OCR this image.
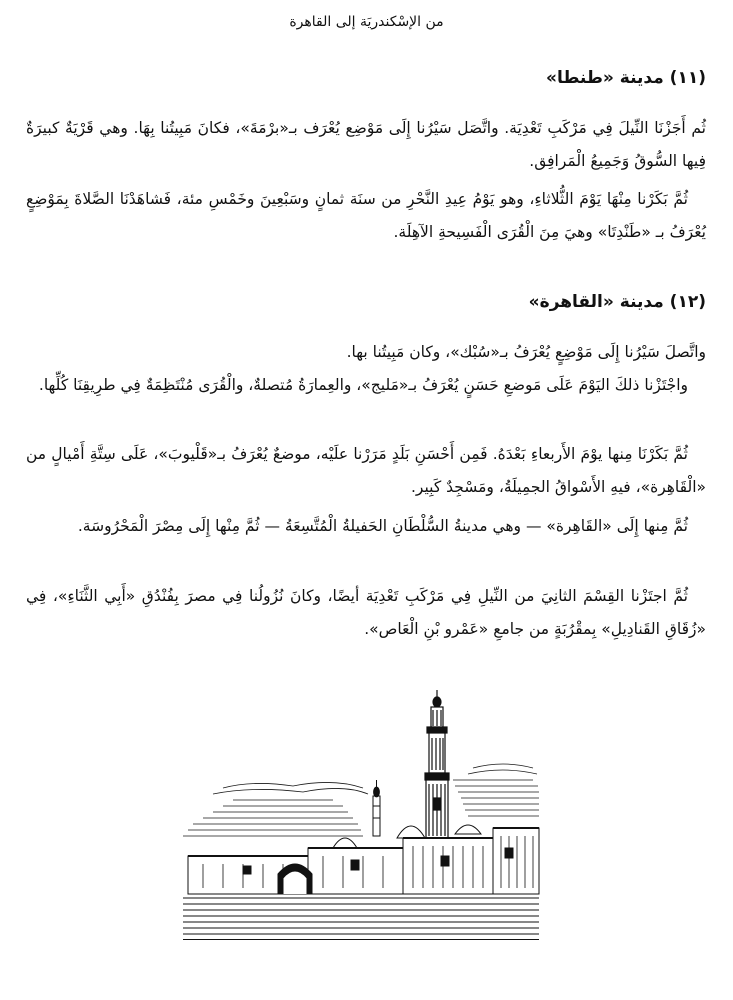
من الإسْكندريَة إلى القاهرة
(١١) مدينة «طنطا»

ثُم أَجَزْنَا النِّيلَ فِي مَرْكَبِ تَعْدِيَة. واتَّصَل سَيْرُنا إِلَى مَوْضِع يُعْرَف بـ«برْمَةَ»، فكانَ مَبِيتُنا بِهَا. وهي قَرْيَةٌ كبيرَةٌ فِيها السُّوقُ وَجَمِيعُ الْمَرافِق.

ثُمَّ بَكَرْنا مِنْهَا يَوْمَ الثُّلاثاءِ، وهو يَوْمُ عِيدِ النَّحْرِ من سنَة ثمانٍ وسَبْعِينَ وخَمْسِ مئة، فَشاهَدْنَا الصَّلاةَ بِمَوْضِعٍ يُعْرَفُ بـ «طَنْدِتَا» وهيَ مِنَ الْقُرَى الْفَسِيحةِ الآهِلَة.

(١٢) مدينة «القاهرة»

واتَّصلَ سَيْرُنا إِلَى مَوْضِعٍ يُعْرَفُ بـ«سُبْك»، وكان مَبِيتُنا بها.

واجْتَزْنا ذلكَ اليَوْمَ عَلَى مَوضعِ حَسَنٍ يُعْرَفُ بـ«مَليج»، والعِمارَةُ مُتصلةٌ، والْقُرَى مُنْتَظِمَةٌ فِي طرِيقِنَا كُلِّها.

ثُمَّ بَكَرْنَا مِنها يوْمَ الأَربعاءِ بَعْدَهُ. فَمِن أَحْسَنِ بَلَدٍ مَرَرْنا علَيْه، موضعٌ يُعْرَفُ بـ«قَلْيوبَ»، عَلَى سِتَّةِ أَمْيالٍ من «الْقَاهِرة»، فيهِ الأَسْواقُ الجمِيلَةُ، ومَسْجِدٌ كَبِير.

ثُمَّ مِنها إِلَى «القَاهِرة» — وهي مدينةُ السُّلْطَانِ الحَفيلةُ الْمُتَّسِعَةُ — ثُمَّ مِنْها إِلَى مِصْرَ الْمَحْرُوسَة.

ثُمَّ اجتَزْنا القِسْمَ الثانِيَ من النِّيلِ فِي مَرْكَبِ تَعْدِيَة أيضًا، وكانَ نُزُولُنا فِي مصرَ بِفُنْدُقِ «أَبِي الثَّنَاءِ»، فِي «زُقَاقِ القَنادِيلِ» بِمقْرُبَةٍ من جامعِ «عَمْرو بْنِ الْعَاص».
